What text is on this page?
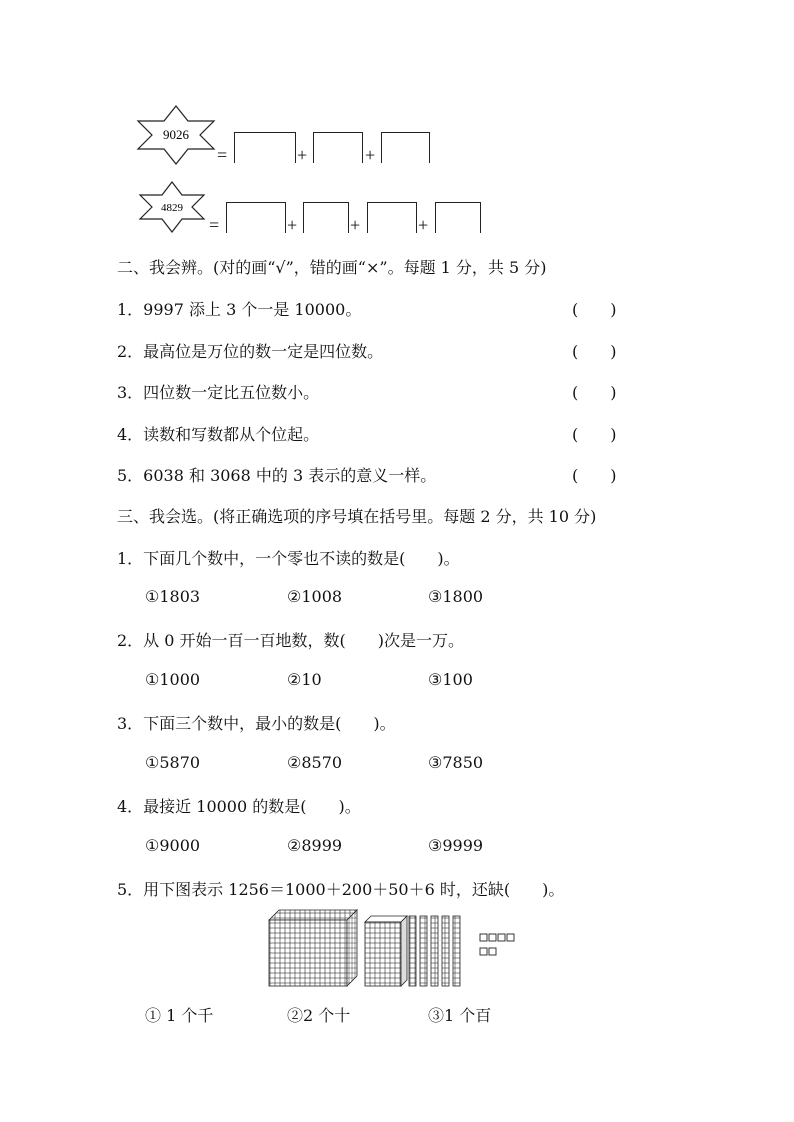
9026
=	+	+
4829
=	+	+	+
二、我会辨。(对的画“√”，错的画“×”。每题 1 分，共 5 分)
1．9997 添上 3 个一是 10000。	(　　)
2．最高位是万位的数一定是四位数。	(　　)
3．四位数一定比五位数小。	(　　)
4．读数和写数都从个位起。	(　　)
5．6038 和 3068 中的 3 表示的意义一样。	(　　)
三、我会选。(将正确选项的序号填在括号里。每题 2 分，共 10 分)
1．下面几个数中，一个零也不读的数是(　　)。
①1803	②1008	③1800
2．从 0 开始一百一百地数，数(　　)次是一万。
①1000	②10	③100
3．下面三个数中，最小的数是(　　)。
①5870	②8570	③7850
4．最接近 10000 的数是(　　)。
①9000	②8999	③9999
5．用下图表示 1256＝1000＋200＋50＋6 时，还缺(　　)。
① 1 个千	②2 个十	③1 个百
